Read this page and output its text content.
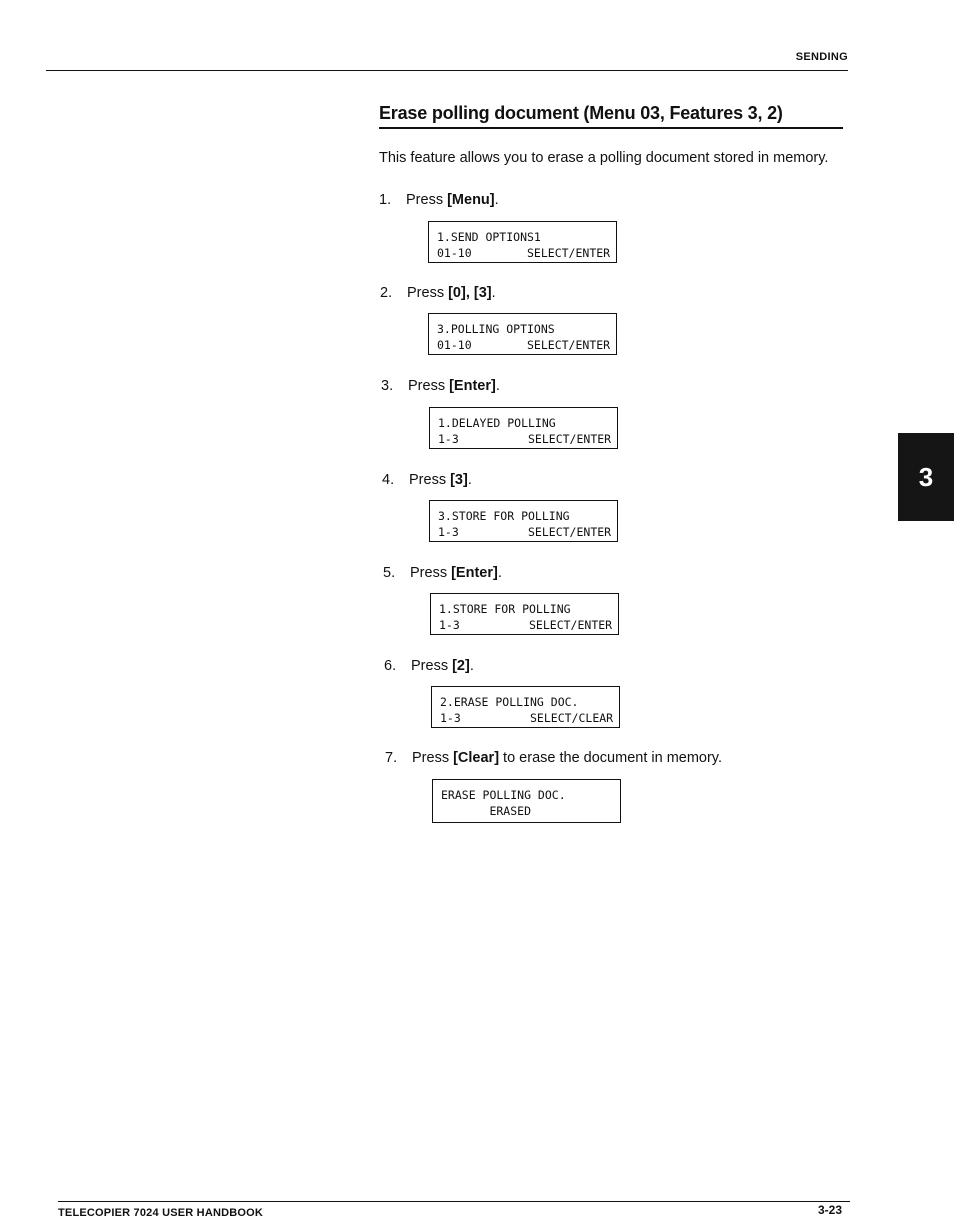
SENDING
Erase polling document (Menu 03, Features 3, 2)
This feature allows you to erase a polling document stored in memory.
1. Press [Menu].
1.SEND OPTIONS1
01-10        SELECT/ENTER
2. Press [0], [3].
3.POLLING OPTIONS
01-10        SELECT/ENTER
3. Press [Enter].
1.DELAYED POLLING
1-3          SELECT/ENTER
4. Press [3].
3.STORE FOR POLLING
1-3          SELECT/ENTER
5. Press [Enter].
1.STORE FOR POLLING
1-3          SELECT/ENTER
6. Press [2].
2.ERASE POLLING DOC.
1-3          SELECT/CLEAR
7. Press [Clear] to erase the document in memory.
ERASE POLLING DOC.
ERASED
3
TELECOPIER 7024 USER HANDBOOK	3-23
